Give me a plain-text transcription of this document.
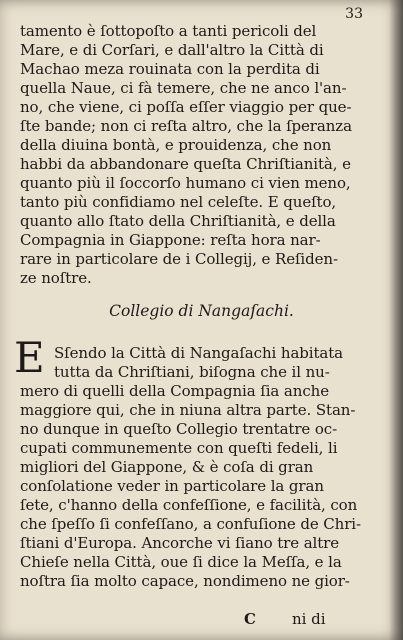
33
tamento è ſottopoſto a tanti pericoli del
Mare, e di Corſari, e dall'altro la Città di
Machao meza rouinata con la perdita di
quella Naue, ci fà temere, che ne anco l'an-
no, che viene, ci poſſa eſſer viaggio per que-
ſte bande; non ci reſta altro, che la ſperanza
della diuina bontà, e prouidenza, che non
habbi da abbandonare queſta Chriſtianità, e
quanto più il ſoccorſo humano ci vien meno,
tanto più confidiamo nel celeſte. E queſto,
quanto allo ſtato della Chriſtianità, e della
Compagnia in Giappone: reſta hora nar-
rare in particolare de i Collegij, e Reſiden-
ze noſtre.
Collegio di Nangaſachi.
E Sſendo la Città di Nangaſachi habitata
tutta da Chriſtiani, biſogna che il nu-
mero di quelli della Compagnia ſia anche
maggiore qui, che in niuna altra parte. Stan-
no dunque in queſto Collegio trentatre oc-
cupati communemente con queſti fedeli, li
migliori del Giappone, & è coſa di gran
conſolatione veder in particolare la gran
ſete, c'hanno della confeſſione, e facilità, con
che ſpeſſo ſi confeſſano, a confuſione de Chri-
ſtiani d'Europa. Ancorche vi ſiano tre altre
Chieſe nella Città, oue ſi dice la Meſſa, e la
noſtra ſia molto capace, nondimeno ne gior-
C ni di
